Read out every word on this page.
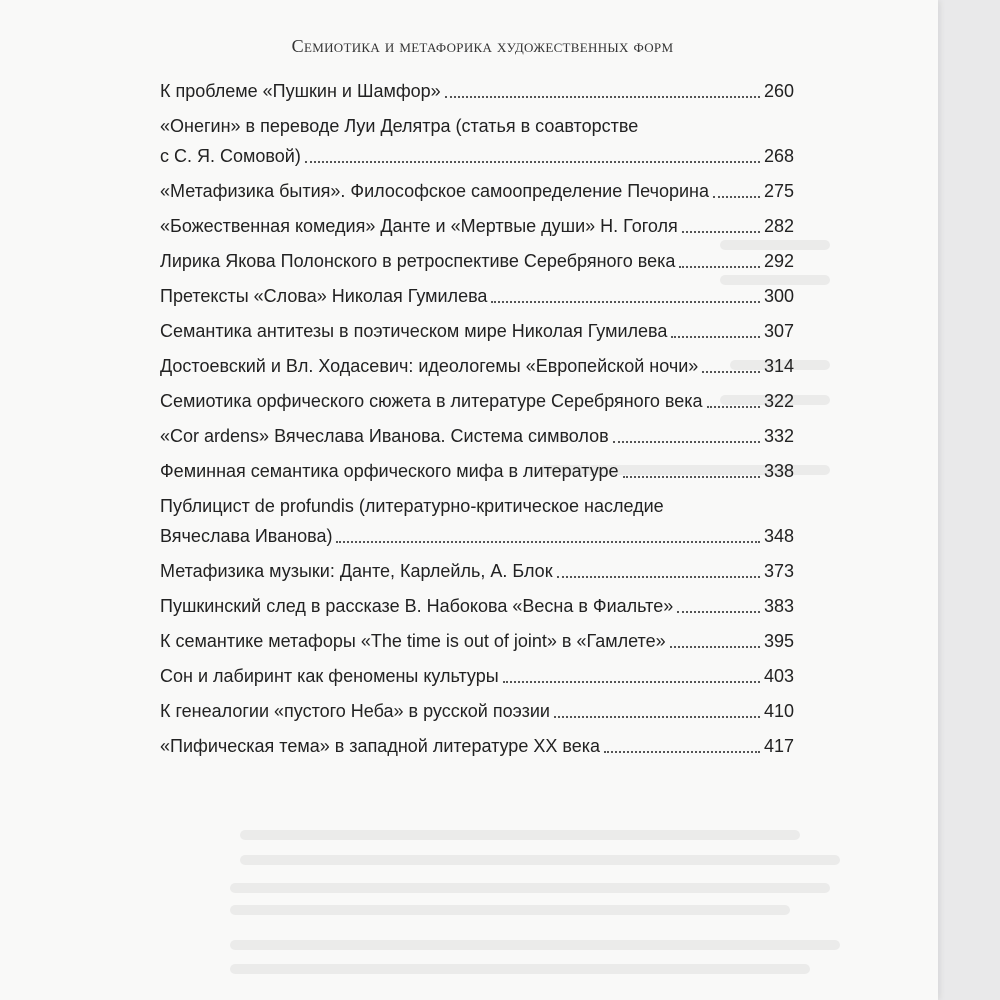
Семиотика и метафорика художественных форм
К проблеме «Пушкин и Шамфор»	260
«Онегин» в переводе Луи Делятра (статья в соавторстве
с С. Я. Сомовой)	268
«Метафизика бытия». Философское самоопределение Печорина	275
«Божественная комедия» Данте и «Мертвые души» Н. Гоголя	282
Лирика Якова Полонского в ретроспективе Серебряного века	292
Претексты «Слова» Николая Гумилева	300
Семантика антитезы в поэтическом мире Николая Гумилева	307
Достоевский и Вл. Ходасевич: идеологемы «Европейской ночи»	314
Семиотика орфического сюжета в литературе Серебряного века	322
«Cor ardens» Вячеслава Иванова. Система символов	332
Фeминная семантика орфического мифа в литературе	338
Публицист de profundis (литературно-критическое наследие
Вячеслава Иванова)	348
Метафизика музыки: Данте, Карлейль, А. Блок	373
Пушкинский след в рассказе В. Набокова «Весна в Фиальте»	383
К семантике метафоры «The time is out of joint» в «Гамлете»	395
Сон и лабиринт как феномены культуры	403
К генеалогии «пустого Неба» в русской поэзии	410
«Пифическая тема» в западной литературе XX века	417
